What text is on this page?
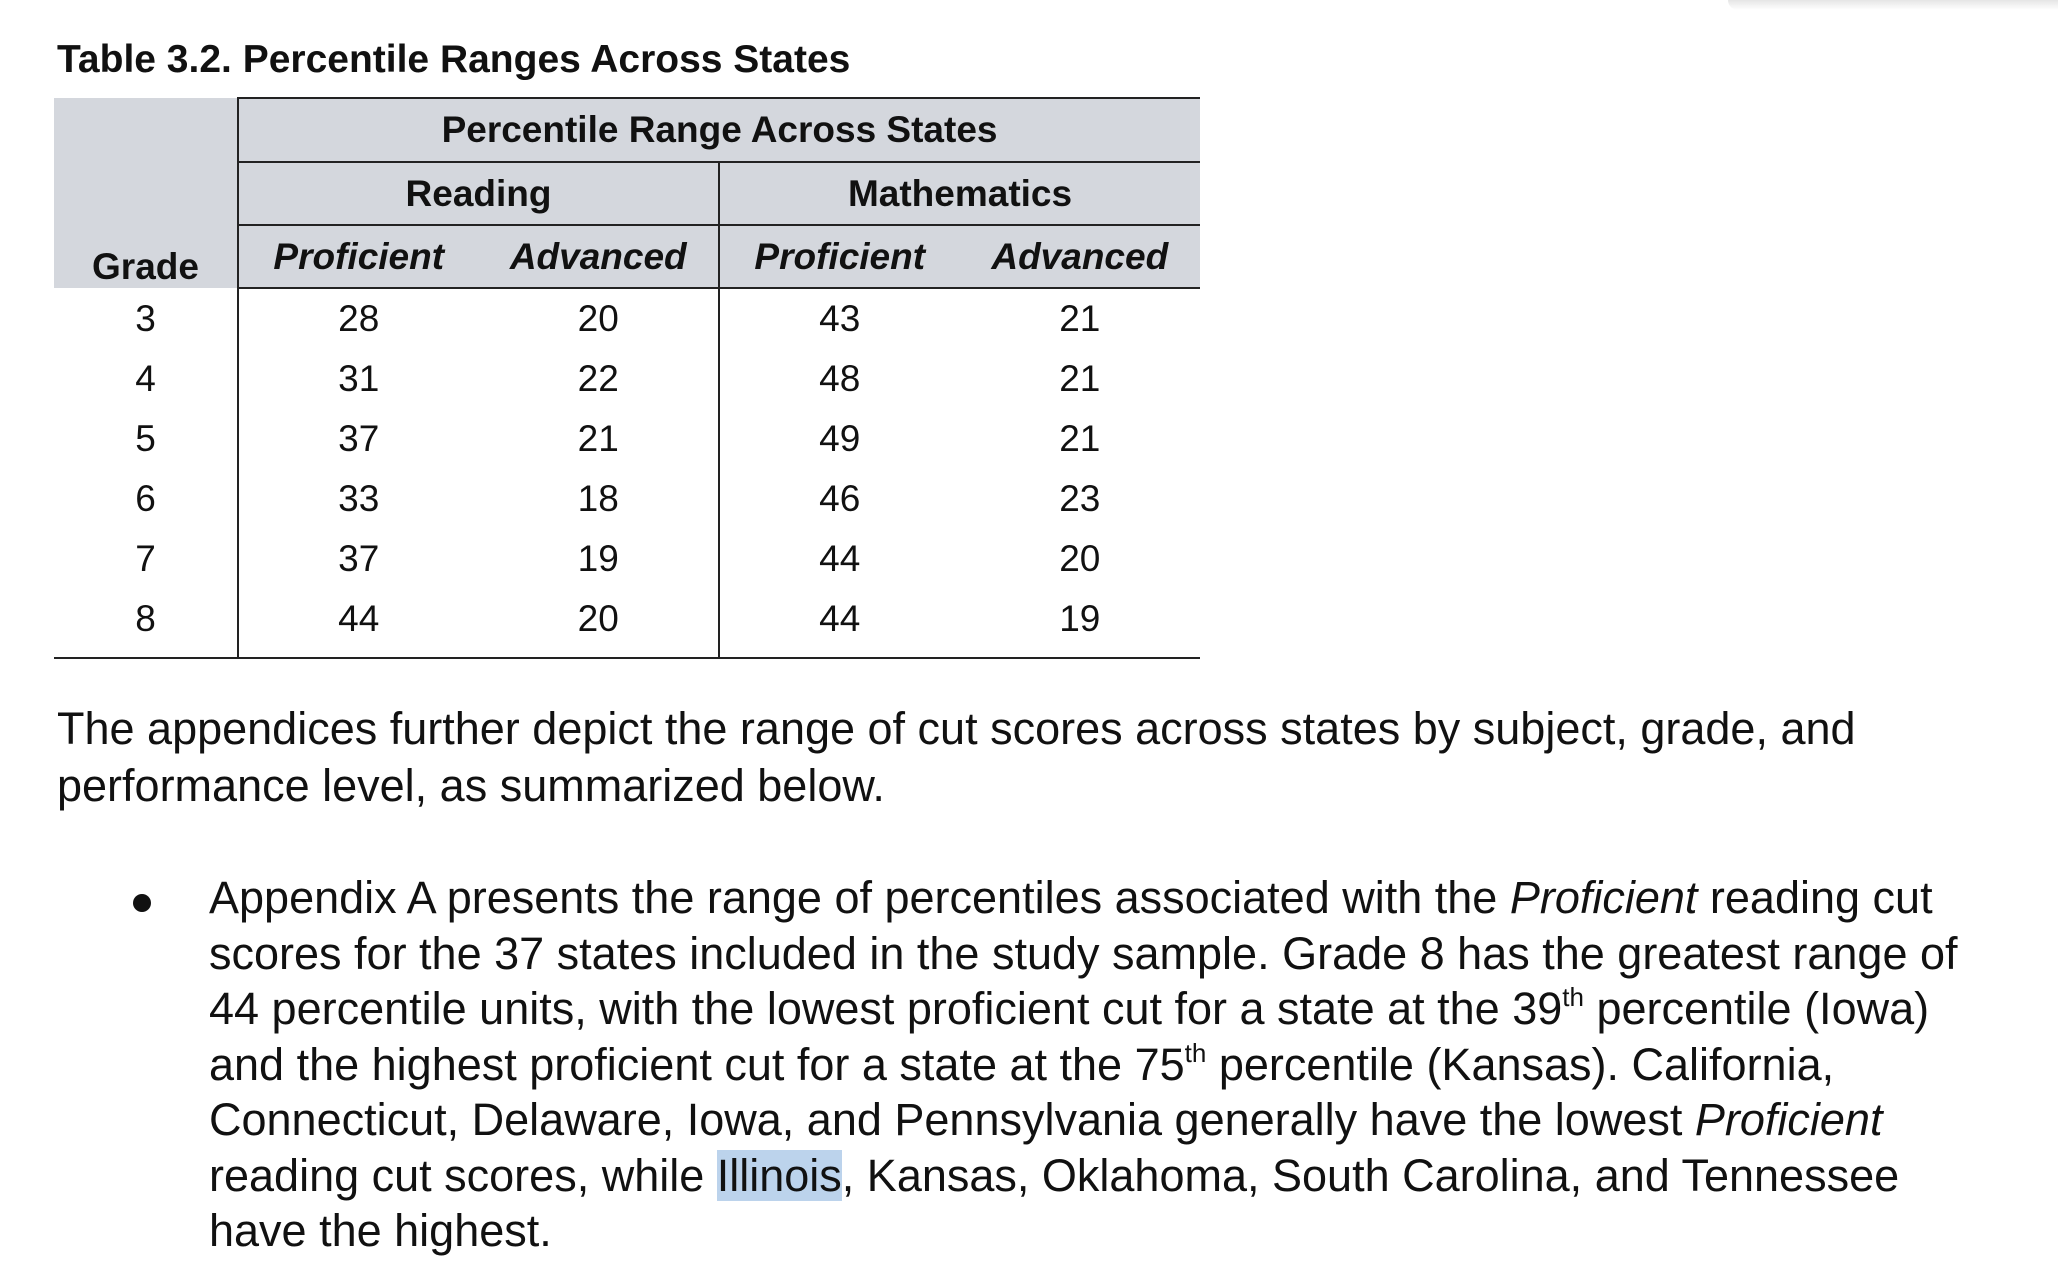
Table 3.2. Percentile Ranges Across States
Grade	Percentile Range Across States			
	Reading		Mathematics	
	Proficient	Advanced	Proficient	Advanced
3	28	20	43	21
4	31	22	48	21
5	37	21	49	21
6	33	18	46	23
7	37	19	44	20
8	44	20	44	19

The appendices further depict the range of cut scores across states by subject, grade, and performance level, as summarized below.

Appendix A presents the range of percentiles associated with the Proficient reading cut scores for the 37 states included in the study sample. Grade 8 has the greatest range of 44 percentile units, with the lowest proficient cut for a state at the 39th percentile (Iowa) and the highest proficient cut for a state at the 75th percentile (Kansas). California, Connecticut, Delaware, Iowa, and Pennsylvania generally have the lowest Proficient reading cut scores, while Illinois, Kansas, Oklahoma, South Carolina, and Tennessee have the highest.
